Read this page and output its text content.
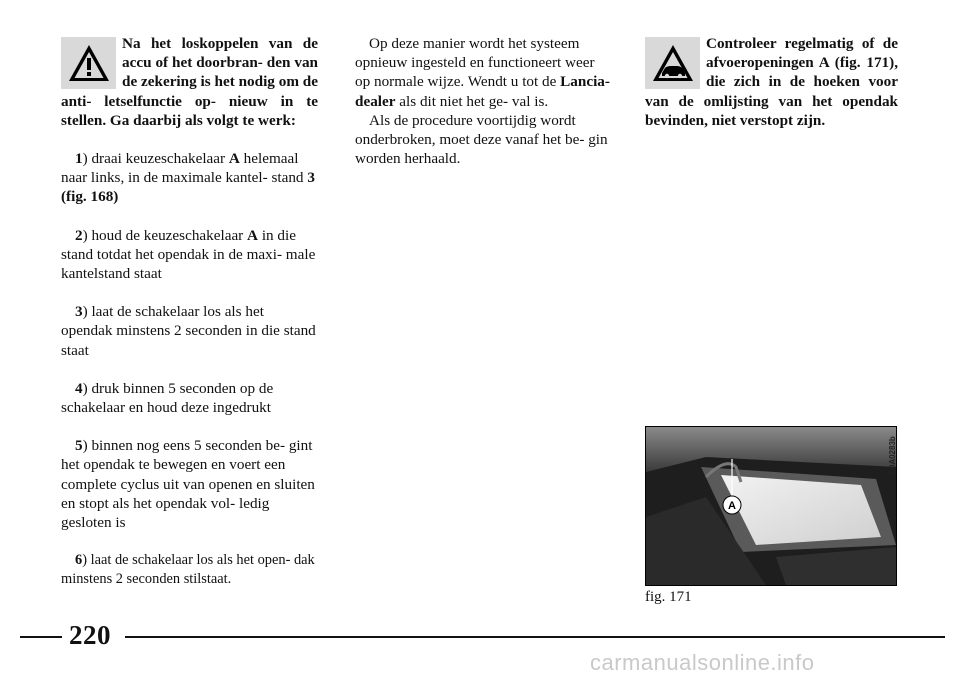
Na het loskoppelen van de accu of het doorbran- den van de zekering is het nodig om de anti- letselfunctie op- nieuw in te stellen. Ga daarbij als volgt te werk:

1) draai keuzeschakelaar A helemaal naar links, in de maximale kantel- stand 3 (fig. 168)

2) houd de keuzeschakelaar A in die stand totdat het opendak in de maxi- male kantelstand staat

3) laat de schakelaar los als het opendak minstens 2 seconden in die stand staat

4) druk binnen 5 seconden op de schakelaar en houd deze ingedrukt

5) binnen nog eens 5 seconden be- gint het opendak te bewegen en voert een complete cyclus uit van openen en sluiten en stopt als het opendak vol- ledig gesloten is

6) laat de schakelaar los als het open- dak minstens 2 seconden stilstaat.

Op deze manier wordt het systeem opnieuw ingesteld en functioneert weer op normale wijze. Wendt u tot de Lancia- dealer als dit niet het ge- val is.

Als de procedure voortijdig wordt onderbroken, moet deze vanaf het be- gin worden herhaald.

Controleer regelmatig of de afvoeropeningen A (fig. 171), die zich in de hoeken voor van de omlijsting van het opendak bevinden, niet verstopt zijn.

A
L0A0283b
fig. 171
220
carmanualsonline.info
